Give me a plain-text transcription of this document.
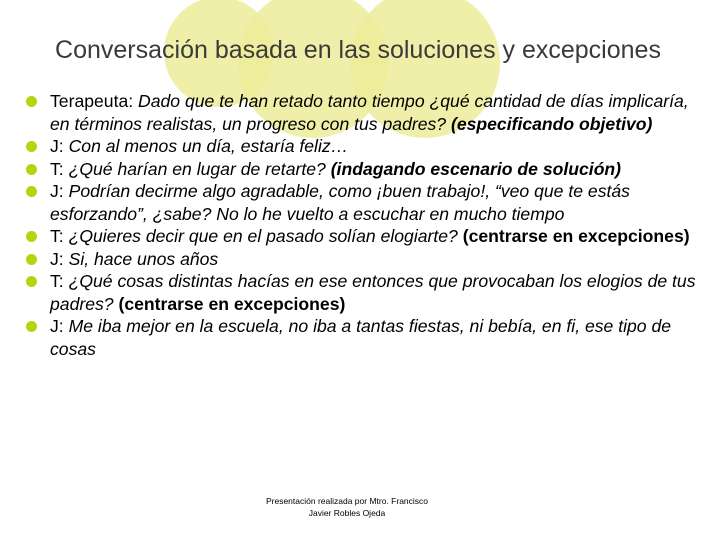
Conversación basada en las soluciones y excepciones
Terapeuta: Dado que te han retado tanto tiempo ¿qué cantidad de días implicaría, en términos realistas, un progreso con tus padres? (especificando objetivo)
J: Con al menos un día, estaría feliz…
T: ¿Qué harían en lugar de retarte? (indagando escenario de solución)
J: Podrían decirme algo agradable, como ¡buen trabajo!, “veo que te estás esforzando”, ¿sabe? No lo he vuelto a escuchar en mucho tiempo
T: ¿Quieres decir que en el pasado solían elogiarte? (centrarse en excepciones)
J: Si, hace unos años
T: ¿Qué cosas distintas hacías en ese entonces que provocaban los elogios de tus padres? (centrarse en excepciones)
J: Me iba mejor en la escuela, no iba a tantas fiestas, ni bebía, en fi, ese tipo de cosas
Presentación realizada por Mtro. Francisco
Javier Robles Ojeda
